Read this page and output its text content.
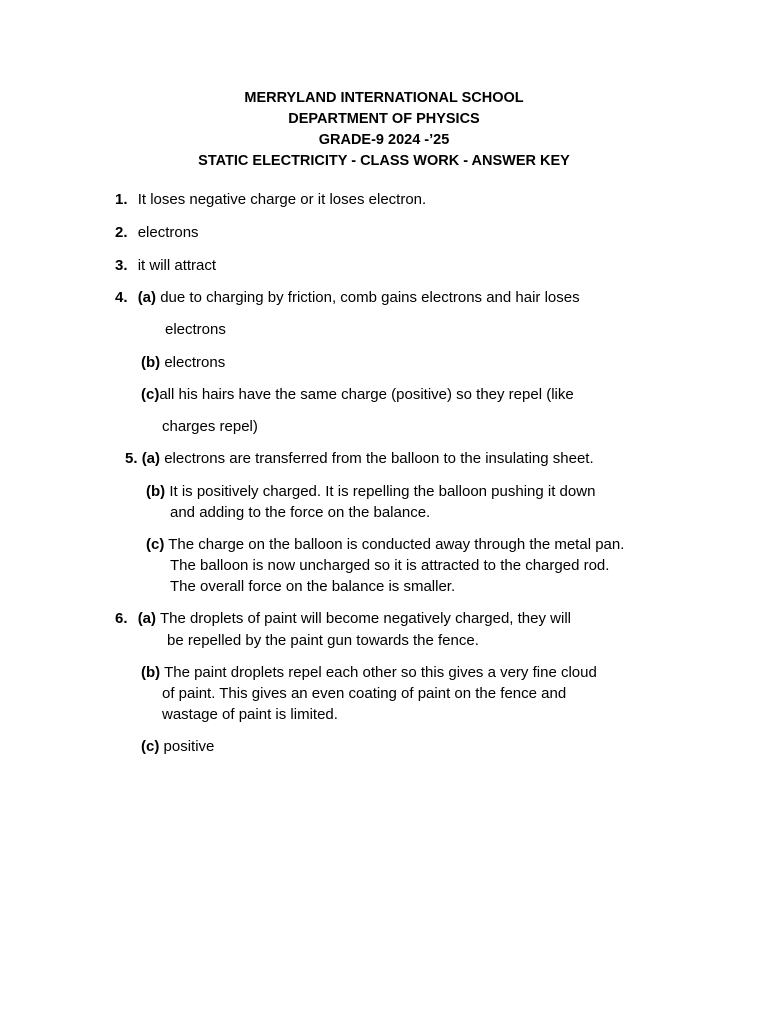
MERRYLAND INTERNATIONAL SCHOOL
DEPARTMENT OF PHYSICS
GRADE-9 2024 -’25
STATIC ELECTRICITY - CLASS WORK - ANSWER KEY
1. It loses negative charge or it loses electron.
2. electrons
3. it will attract
4. (a) due to charging by friction, comb gains electrons and hair loses
electrons
(b) electrons
(c)all his hairs have the same charge (positive) so they repel (like
charges repel)
5. (a) electrons are transferred from the balloon to the insulating sheet.
(b) It is positively charged. It is repelling the balloon pushing it down
and adding to the force on the balance.
(c) The charge on the balloon is conducted away through the metal pan.
The balloon is now uncharged so it is attracted to the charged rod.
The overall force on the balance is smaller.
6. (a) The droplets of paint will become negatively charged, they will
be repelled by the paint gun towards the fence.
(b) The paint droplets repel each other so this gives a very fine cloud
of paint. This gives an even coating of paint on the fence and
wastage of paint is limited.
(c) positive
